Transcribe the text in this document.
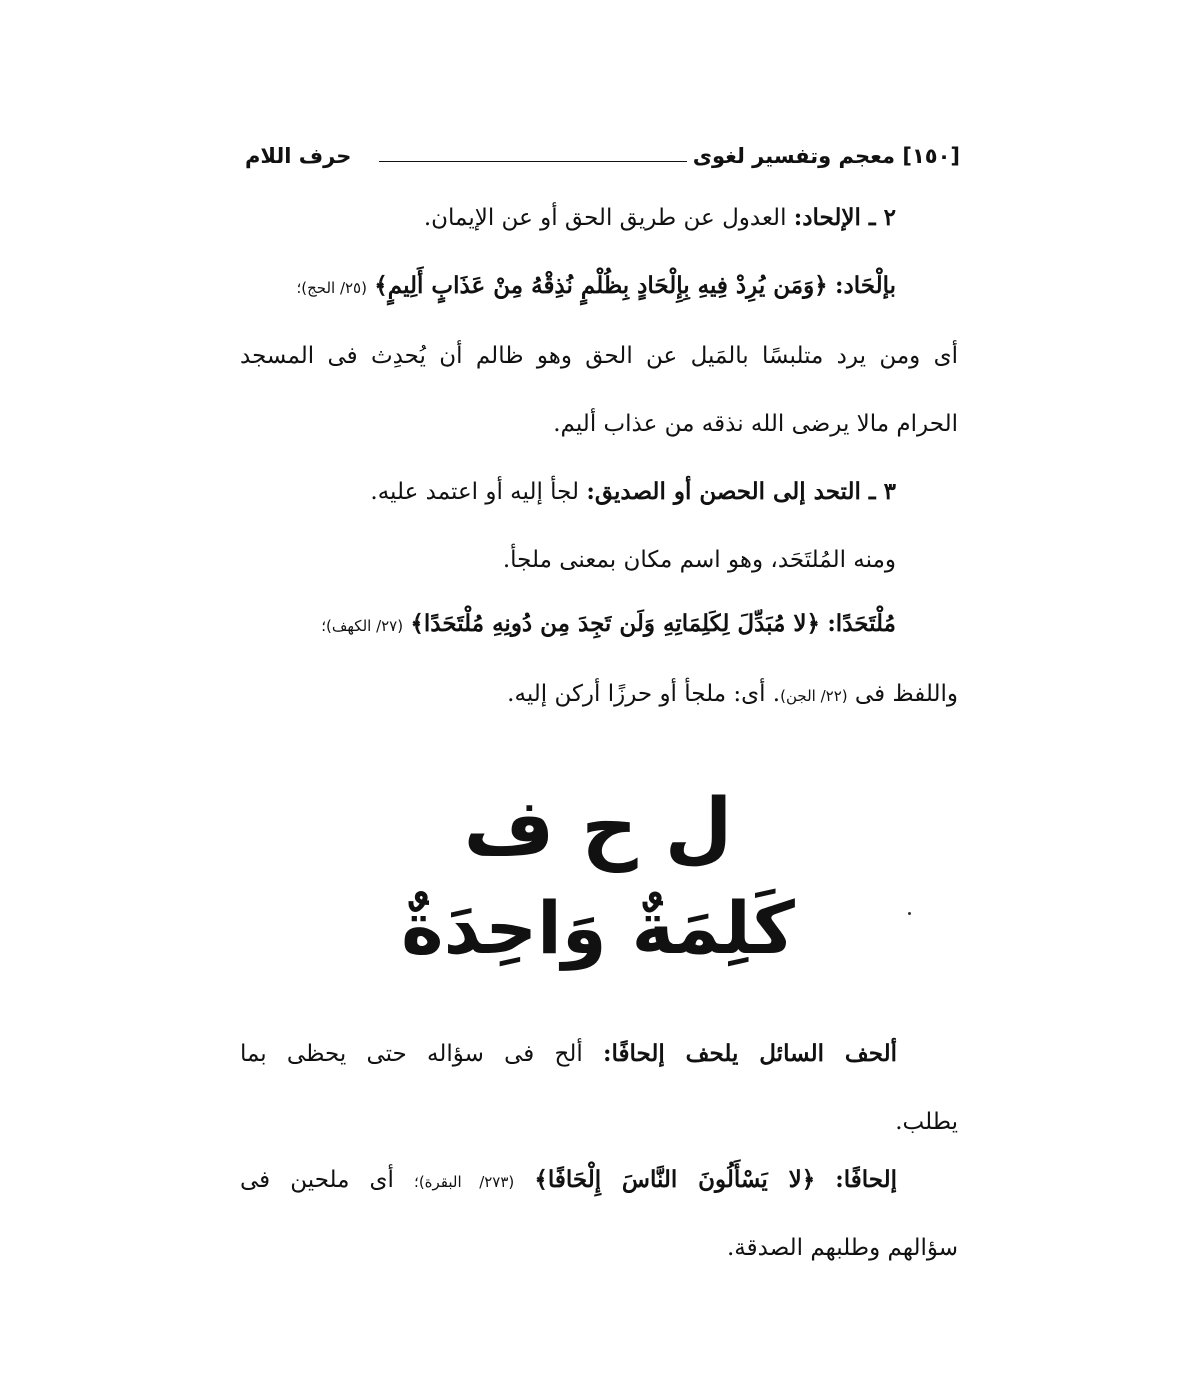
[١٥٠] معجم وتفسير لغوى
حرف اللام
٢ ـ الإلحاد: العدول عن طريق الحق أو عن الإيمان.
بإلْحَاد: ﴿وَمَن يُرِدْ فِيهِ بِإِلْحَادٍ بِظُلْمٍ نُذِقْهُ مِنْ عَذَابٍ أَلِيمٍ﴾ (٢٥/ الحج)؛
أى ومن يرد متلبسًا بالمَيل عن الحق وهو ظالم أن يُحدِث فى المسجد
الحرام مالا يرضى الله نذقه من عذاب أليم.
٣ ـ التحد إلى الحصن أو الصديق: لجأ إليه أو اعتمد عليه.
ومنه المُلتَحَد، وهو اسم مكان بمعنى ملجأ.
مُلْتَحَدًا: ﴿لا مُبَدِّلَ لِكَلِمَاتِهِ وَلَن تَجِدَ مِن دُونِهِ مُلْتَحَدًا﴾ (٢٧/ الكهف)؛
واللفظ فى (٢٢/ الجن). أى: ملجأ أو حرزًا أركن إليه.
ل ح ف
كَلِمَةٌ وَاحِدَةٌ
ألحف السائل يلحف إلحافًا: ألح فى سؤاله حتى يحظى بما
يطلب.
إلحافًا: ﴿لا يَسْأَلُونَ النَّاسَ إِلْحَافًا﴾ (٢٧٣/ البقرة)؛ أى ملحين فى
سؤالهم وطلبهم الصدقة.
